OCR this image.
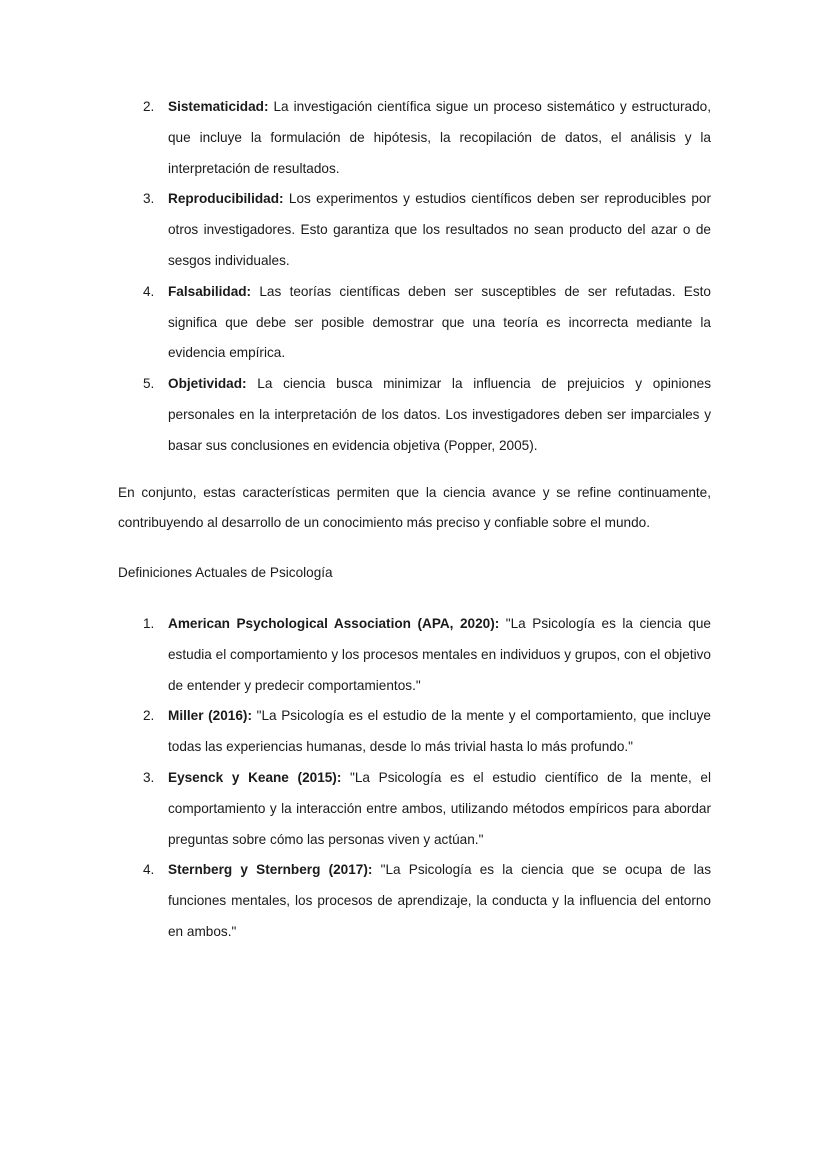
2. Sistematicidad: La investigación científica sigue un proceso sistemático y estructurado, que incluye la formulación de hipótesis, la recopilación de datos, el análisis y la interpretación de resultados.
3. Reproducibilidad: Los experimentos y estudios científicos deben ser reproducibles por otros investigadores. Esto garantiza que los resultados no sean producto del azar o de sesgos individuales.
4. Falsabilidad: Las teorías científicas deben ser susceptibles de ser refutadas. Esto significa que debe ser posible demostrar que una teoría es incorrecta mediante la evidencia empírica.
5. Objetividad: La ciencia busca minimizar la influencia de prejuicios y opiniones personales en la interpretación de los datos. Los investigadores deben ser imparciales y basar sus conclusiones en evidencia objetiva (Popper, 2005).

En conjunto, estas características permiten que la ciencia avance y se refine continuamente, contribuyendo al desarrollo de un conocimiento más preciso y confiable sobre el mundo.

Definiciones Actuales de Psicología

1. American Psychological Association (APA, 2020): "La Psicología es la ciencia que estudia el comportamiento y los procesos mentales en individuos y grupos, con el objetivo de entender y predecir comportamientos."
2. Miller (2016): "La Psicología es el estudio de la mente y el comportamiento, que incluye todas las experiencias humanas, desde lo más trivial hasta lo más profundo."
3. Eysenck y Keane (2015): "La Psicología es el estudio científico de la mente, el comportamiento y la interacción entre ambos, utilizando métodos empíricos para abordar preguntas sobre cómo las personas viven y actúan."
4. Sternberg y Sternberg (2017): "La Psicología es la ciencia que se ocupa de las funciones mentales, los procesos de aprendizaje, la conducta y la influencia del entorno en ambos."
